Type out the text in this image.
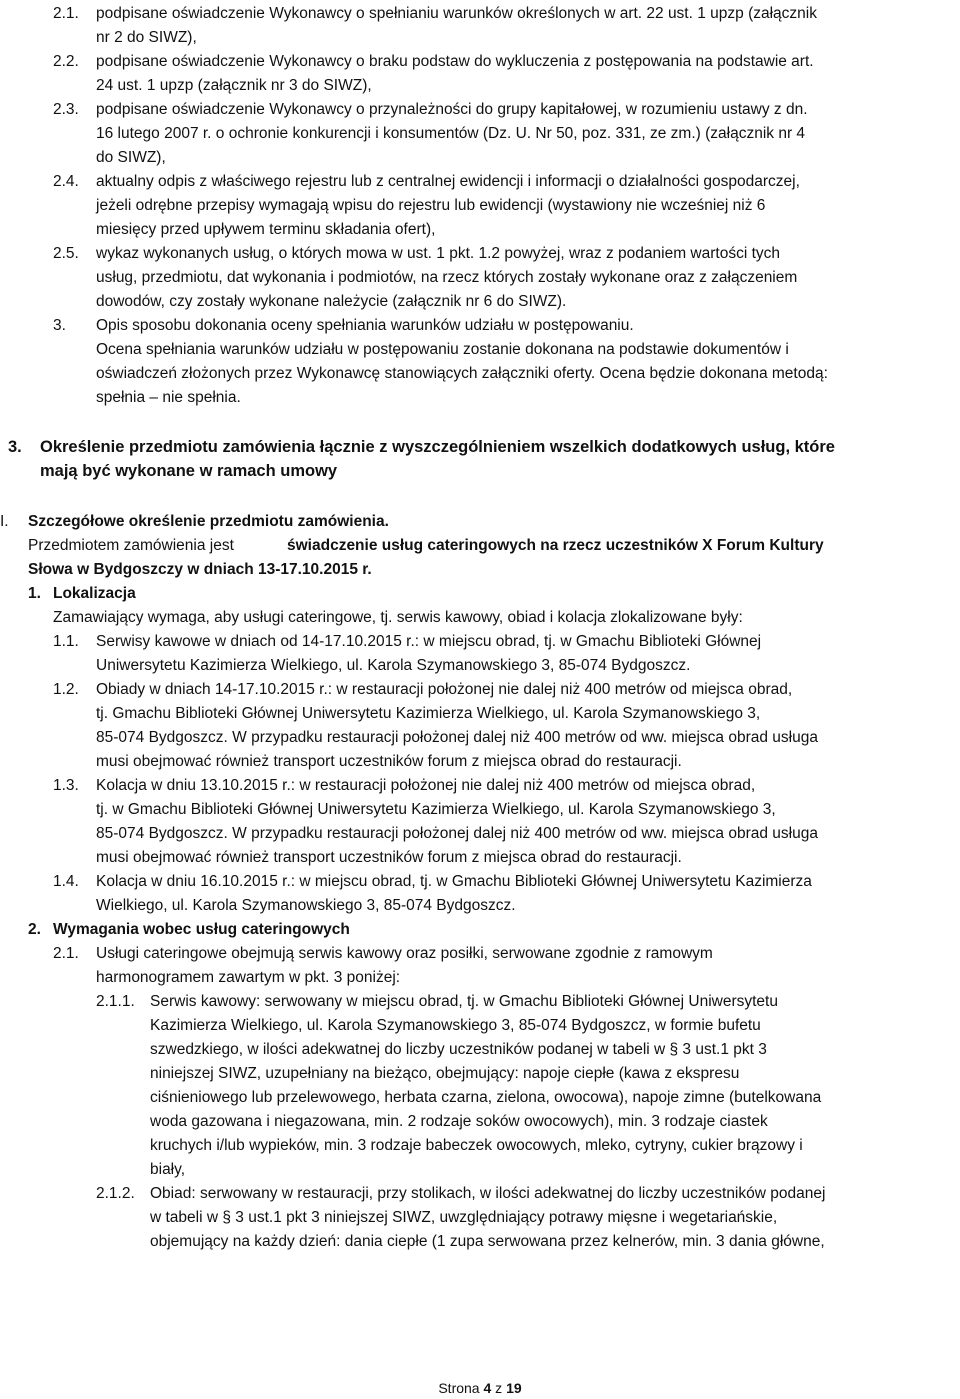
2.1. podpisane oświadczenie Wykonawcy o spełnianiu warunków określonych w art. 22 ust. 1 upzp (załącznik
nr 2 do SIWZ),
2.2. podpisane oświadczenie Wykonawcy o braku podstaw do wykluczenia z postępowania na podstawie art.
24 ust. 1 upzp (załącznik nr 3 do SIWZ),
2.3. podpisane oświadczenie Wykonawcy o przynależności do grupy kapitałowej, w rozumieniu ustawy z dn.
16 lutego 2007 r. o ochronie konkurencji i konsumentów (Dz. U. Nr 50, poz. 331, ze zm.) (załącznik nr 4
do SIWZ),
2.4. aktualny odpis z właściwego rejestru lub z centralnej ewidencji i informacji o działalności gospodarczej,
jeżeli odrębne przepisy wymagają wpisu do rejestru lub ewidencji (wystawiony nie wcześniej niż 6
miesięcy przed upływem terminu składania ofert),
2.5. wykaz wykonanych usług, o których mowa w ust. 1 pkt. 1.2 powyżej, wraz z podaniem wartości tych
usług, przedmiotu, dat wykonania i podmiotów, na rzecz których zostały wykonane oraz z załączeniem
dowodów, czy zostały wykonane należycie (załącznik nr 6 do SIWZ).
3. Opis sposobu dokonania oceny spełniania warunków udziału w postępowaniu.
Ocena spełniania warunków udziału w postępowaniu zostanie dokonana na podstawie dokumentów i
oświadczeń złożonych przez Wykonawcę stanowiących załączniki oferty. Ocena będzie dokonana metodą:
spełnia – nie spełnia.
3. Określenie przedmiotu zamówienia łącznie z wyszczególnieniem wszelkich dodatkowych usług, które
mają być wykonane w ramach umowy
I. Szczegółowe określenie przedmiotu zamówienia.
Przedmiotem zamówienia jest	świadczenie usług cateringowych na rzecz uczestników X Forum Kultury
Słowa w Bydgoszczy w dniach 13-17.10.2015 r.
1. Lokalizacja
Zamawiający wymaga, aby usługi cateringowe, tj. serwis kawowy, obiad i kolacja zlokalizowane były:
1.1. Serwisy kawowe w dniach od 14-17.10.2015 r.: w miejscu obrad, tj. w Gmachu Biblioteki Głównej
Uniwersytetu Kazimierza Wielkiego, ul. Karola Szymanowskiego 3, 85-074 Bydgoszcz.
1.2. Obiady w dniach 14-17.10.2015 r.: w restauracji położonej nie dalej niż 400 metrów od miejsca obrad,
tj. Gmachu Biblioteki Głównej Uniwersytetu Kazimierza Wielkiego, ul. Karola Szymanowskiego 3,
85-074 Bydgoszcz. W przypadku restauracji położonej dalej niż 400 metrów od ww. miejsca obrad usługa
musi obejmować również transport uczestników forum z miejsca obrad do restauracji.
1.3. Kolacja w dniu 13.10.2015 r.: w restauracji położonej nie dalej niż 400 metrów od miejsca obrad,
tj. w Gmachu Biblioteki Głównej Uniwersytetu Kazimierza Wielkiego, ul. Karola Szymanowskiego 3,
85-074 Bydgoszcz. W przypadku restauracji położonej dalej niż 400 metrów od ww. miejsca obrad usługa
musi obejmować również transport uczestników forum z miejsca obrad do restauracji.
1.4. Kolacja w dniu 16.10.2015 r.: w miejscu obrad, tj. w Gmachu Biblioteki Głównej Uniwersytetu Kazimierza
Wielkiego, ul. Karola Szymanowskiego 3, 85-074 Bydgoszcz.
2. Wymagania wobec usług cateringowych
2.1. Usługi cateringowe obejmują serwis kawowy oraz posiłki, serwowane zgodnie z ramowym
harmonogramem zawartym w pkt. 3 poniżej:
2.1.1. Serwis kawowy: serwowany w miejscu obrad, tj. w Gmachu Biblioteki Głównej Uniwersytetu
Kazimierza Wielkiego, ul. Karola Szymanowskiego 3, 85-074 Bydgoszcz, w formie bufetu
szwedzkiego, w ilości adekwatnej do liczby uczestników podanej w tabeli w § 3 ust.1 pkt 3
niniejszej SIWZ, uzupełniany na bieżąco, obejmujący: napoje ciepłe (kawa z ekspresu
ciśnieniowego lub przelewowego, herbata czarna, zielona, owocowa), napoje zimne (butelkowana
woda gazowana i niegazowana, min. 2 rodzaje soków owocowych), min. 3 rodzaje ciastek
kruchych i/lub wypieków, min. 3 rodzaje babeczek owocowych, mleko, cytryny, cukier brązowy i
biały,
2.1.2. Obiad: serwowany w restauracji, przy stolikach, w ilości adekwatnej do liczby uczestników podanej
w tabeli w § 3 ust.1 pkt 3 niniejszej SIWZ, uwzględniający potrawy mięsne i wegetariańskie,
objemujący na każdy dzień: dania ciepłe (1 zupa serwowana przez kelnerów, min. 3 dania główne,
Strona 4 z 19
